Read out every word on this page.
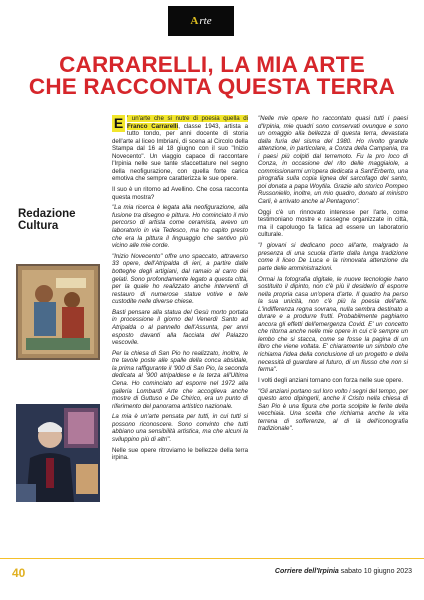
A rte
CARRARELLI, LA MIA ARTE
CHE RACCONTA QUESTA TERRA
Redazione
Cultura

E ' un'arte che si nutre di poesia quella di Franco Carrarelli, classe 1943, artista a tutto tondo, per anni docente di storia dell'arte al liceo Imbriani, di scena al Circolo della Stampa dal 16 al 18 giugno con il suo "Inizio Novecento". Un viaggio capace di raccontare l'Irpinia nelle sue tante sfaccettature nel segno della neofigurazione, con quella forte carica emotiva che sempre caratterizza le sue opere.

Il suo è un ritorno ad Avellino. Che cosa racconta questa mostra?

"La mia ricerca è legata alla neofigurazione, alla fusione tra disegno e pittura. Ho cominciato il mio percorso di artista come ceramista, avevo un laboratorio in via Tedesco, ma ho capito presto che era la pittura il linguaggio che sentivo più vicino alle mie corde.

"Inizio Novecento" offre uno spaccato, attraverso 33 opere, dell'Atripalda di ieri, a partire dalle botteghe degli artigiani, dal ramaio al carro dei gelati. Sono profondamente legato a questa città, per la quale ho realizzato anche interventi di restauro di numerose statue votive e tele custodite nelle diverse chiese.

Basti pensare alla statua del Gesù morto portata in processione il giorno del Venerdì Santo ad Atripalda o al pannello dell'Assunta, per anni esposto davanti alla facciata del Palazzo vescovile.

Per la chiesa di San Pio ho realizzato, inoltre, le tre tavole poste alle spalle della conca absidale, la prima raffigurante il '900 di San Pio, la seconda dedicata al '900 atripaldese e la terza all'Ultima Cena. Ho cominciato ad esporre nel 1972 alla galleria Lombardi Arte che accoglieva anche mostre di Guttuso e De Chirico, era un punto di riferimento del panorama artistico nazionale.

La mia è un'arte pensata per tutti, in cui tutti si possono riconoscere. Sono convinto che tutti abbiano una sensibilità artistica, ma che alcuni la sviluppino più di altri".

Nelle sue opere ritroviamo le bellezze della terra irpina.

"Nelle mie opere ho raccontato quasi tutti i paesi d'Irpinia, mie quadri sono conservati ovunque e sono un omaggio alla bellezza di questa terra, devastata dalla furia del sisma del 1980. Ho rivolto grande attenzione, in particolare, a Conza della Campania, tra i paesi più colpiti dal terremoto. Fu la pro loco di Conza, in occasione del rito delle maggiaiole, a commissionarmi un'opera dedicata a Sant'Erberto, una pirografia sulla copia lignea del sarcofago del santo, poi donata a papa Woytila. Grazie allo storico Pompeo Russoniello, inoltre, un mio quadro, donato al ministro Carli, è arrivato anche al Pentagono".

Oggi c'è un rinnovato interesse per l'arte, come testimoniano mostre e rassegne organizzate in città, ma il capoluogo fa fatica ad essere un laboratorio culturale.

"I giovani si dedicano poco all'arte, malgrado la presenza di una scuola d'arte dalla lunga tradizione come il liceo De Luca e la rinnovata attenzione da parte delle amministrazioni.

Ormai la fotografia digitale, le nuove tecnologie hano sostituito il dipinto, non c'è più il desiderio di esporre nella propria casa un'opera d'arte. Il quadro ha perso la sua unicità, non c'è più la poesia dell'arte. L'indifferenza regna sovrana, nulla sembra destinato a durare e a produrre frutti. Probabilmente paghiamo ancora gli effetti dell'emergenza Covid. E' un concetto che ritorna anche nelle mie opere in cui c'è sempre un lembo che si stacca, come se fosse la pagina di un libro che viene voltata. E' chiaramente un simbolo che richiama l'idea della conclusione di un progetto e della necessità di guardare al futuro, di un flusso che non si ferma".

I volti degli anziani tornano con forza nelle sue opere.

"Gli anziani portano sul loro volto i segni del tempo, per questo amo dipingerli, anche il Cristo nella chiesa di San Pio è una figura che porta scolpite le ferite della vecchiaia. Una scelta che richiama anche la vita terrena di sofferenze, al di là dell'iconografia tradizionale".

40	Corriere dell'Irpinia sabato 10 giugno 2023
